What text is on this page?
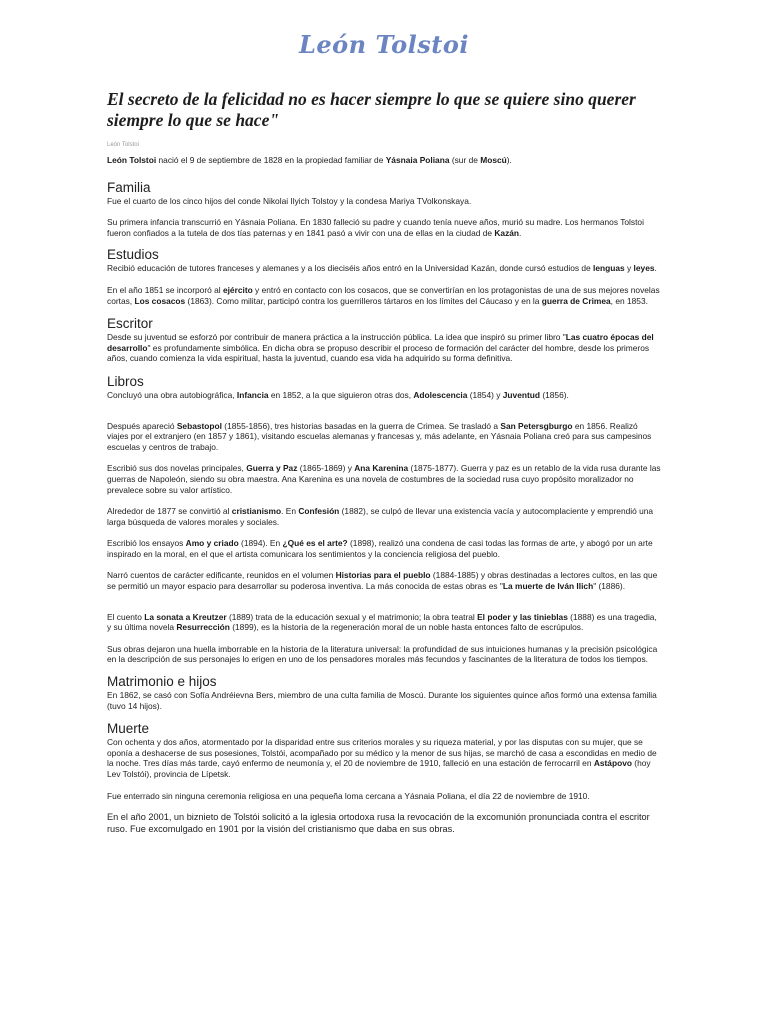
León Tolstoi
El secreto de la felicidad no es hacer siempre lo que se quiere sino querer siempre lo que se hace"
León Tolstoi

León Tolstoi nació el 9 de septiembre de 1828 en la propiedad familiar de Yásnaia Poliana (sur de Moscú).

Familia

Fue el cuarto de los cinco hijos del conde Nikolai Ilyich Tolstoy y la condesa Mariya TVolkonskaya.

Su primera infancia transcurrió en Yásnaia Poliana. En 1830 falleció su padre y cuando tenía nueve años, murió su madre. Los hermanos Tolstoi fueron confiados a la tutela de dos tías paternas y en 1841 pasó a vivir con una de ellas en la ciudad de Kazán.

Estudios

Recibió educación de tutores franceses y alemanes y a los dieciséis años entró en la Universidad Kazán, donde cursó estudios de lenguas y leyes.

En el año 1851 se incorporó al ejército y entró en contacto con los cosacos, que se convertirían en los protagonistas de una de sus mejores novelas cortas, Los cosacos (1863). Como militar, participó contra los guerrilleros tártaros en los límites del Cáucaso y en la guerra de Crimea, en 1853.

Escritor

Desde su juventud se esforzó por contribuir de manera práctica a la instrucción pública. La idea que inspiró su primer libro "Las cuatro épocas del desarrollo" es profundamente simbólica. En dicha obra se propuso describir el proceso de formación del carácter del hombre, desde los primeros años, cuando comienza la vida espiritual, hasta la juventud, cuando esa vida ha adquirido su forma definitiva.

Libros

Concluyó una obra autobiográfica, Infancia en 1852, a la que siguieron otras dos, Adolescencia (1854) y Juventud (1856).

Después apareció Sebastopol (1855-1856), tres historias basadas en la guerra de Crimea. Se trasladó a San Petersgburgo en 1856. Realizó viajes por el extranjero (en 1857 y 1861), visitando escuelas alemanas y francesas y, más adelante, en Yásnaia Poliana creó para sus campesinos escuelas y centros de trabajo.

Escribió sus dos novelas principales, Guerra y Paz (1865-1869) y Ana Karenina (1875-1877). Guerra y paz es un retablo de la vida rusa durante las guerras de Napoleón, siendo su obra maestra. Ana Karenina es una novela de costumbres de la sociedad rusa cuyo propósito moralizador no prevalece sobre su valor artístico.

Alrededor de 1877 se convirtió al cristianismo. En Confesión (1882), se culpó de llevar una existencia vacía y autocomplaciente y emprendió una larga búsqueda de valores morales y sociales.

Escribió los ensayos Amo y criado (1894). En ¿Qué es el arte? (1898), realizó una condena de casi todas las formas de arte, y abogó por un arte inspirado en la moral, en el que el artista comunicara los sentimientos y la conciencia religiosa del pueblo.

Narró cuentos de carácter edificante, reunidos en el volumen Historias para el pueblo (1884-1885) y obras destinadas a lectores cultos, en las que se permitió un mayor espacio para desarrollar su poderosa inventiva. La más conocida de estas obras es "La muerte de Iván Ilich" (1886).

El cuento La sonata a Kreutzer (1889) trata de la educación sexual y el matrimonio; la obra teatral El poder y las tinieblas (1888) es una tragedia, y su última novela Resurrección (1899), es la historia de la regeneración moral de un noble hasta entonces falto de escrúpulos.

Sus obras dejaron una huella imborrable en la historia de la literatura universal: la profundidad de sus intuiciones humanas y la precisión psicológica en la descripción de sus personajes lo erigen en uno de los pensadores morales más fecundos y fascinantes de la literatura de todos los tiempos.

Matrimonio e hijos

En 1862, se casó con Sofía Andréievna Bers, miembro de una culta familia de Moscú. Durante los siguientes quince años formó una extensa familia (tuvo 14 hijos).

Muerte

Con ochenta y dos años, atormentado por la disparidad entre sus criterios morales y su riqueza material, y por las disputas con su mujer, que se oponía a deshacerse de sus posesiones, Tolstói, acompañado por su médico y la menor de sus hijas, se marchó de casa a escondidas en medio de la noche. Tres días más tarde, cayó enfermo de neumonía y, el 20 de noviembre de 1910, falleció en una estación de ferrocarril en Astápovo (hoy Lev Tolstói), provincia de Lípetsk.

Fue enterrado sin ninguna ceremonia religiosa en una pequeña loma cercana a Yásnaia Poliana, el día 22 de noviembre de 1910.

En el año 2001, un biznieto de Tolstói solicitó a la iglesia ortodoxa rusa la revocación de la excomunión pronunciada contra el escritor ruso. Fue excomulgado en 1901 por la visión del cristianismo que daba en sus obras.
